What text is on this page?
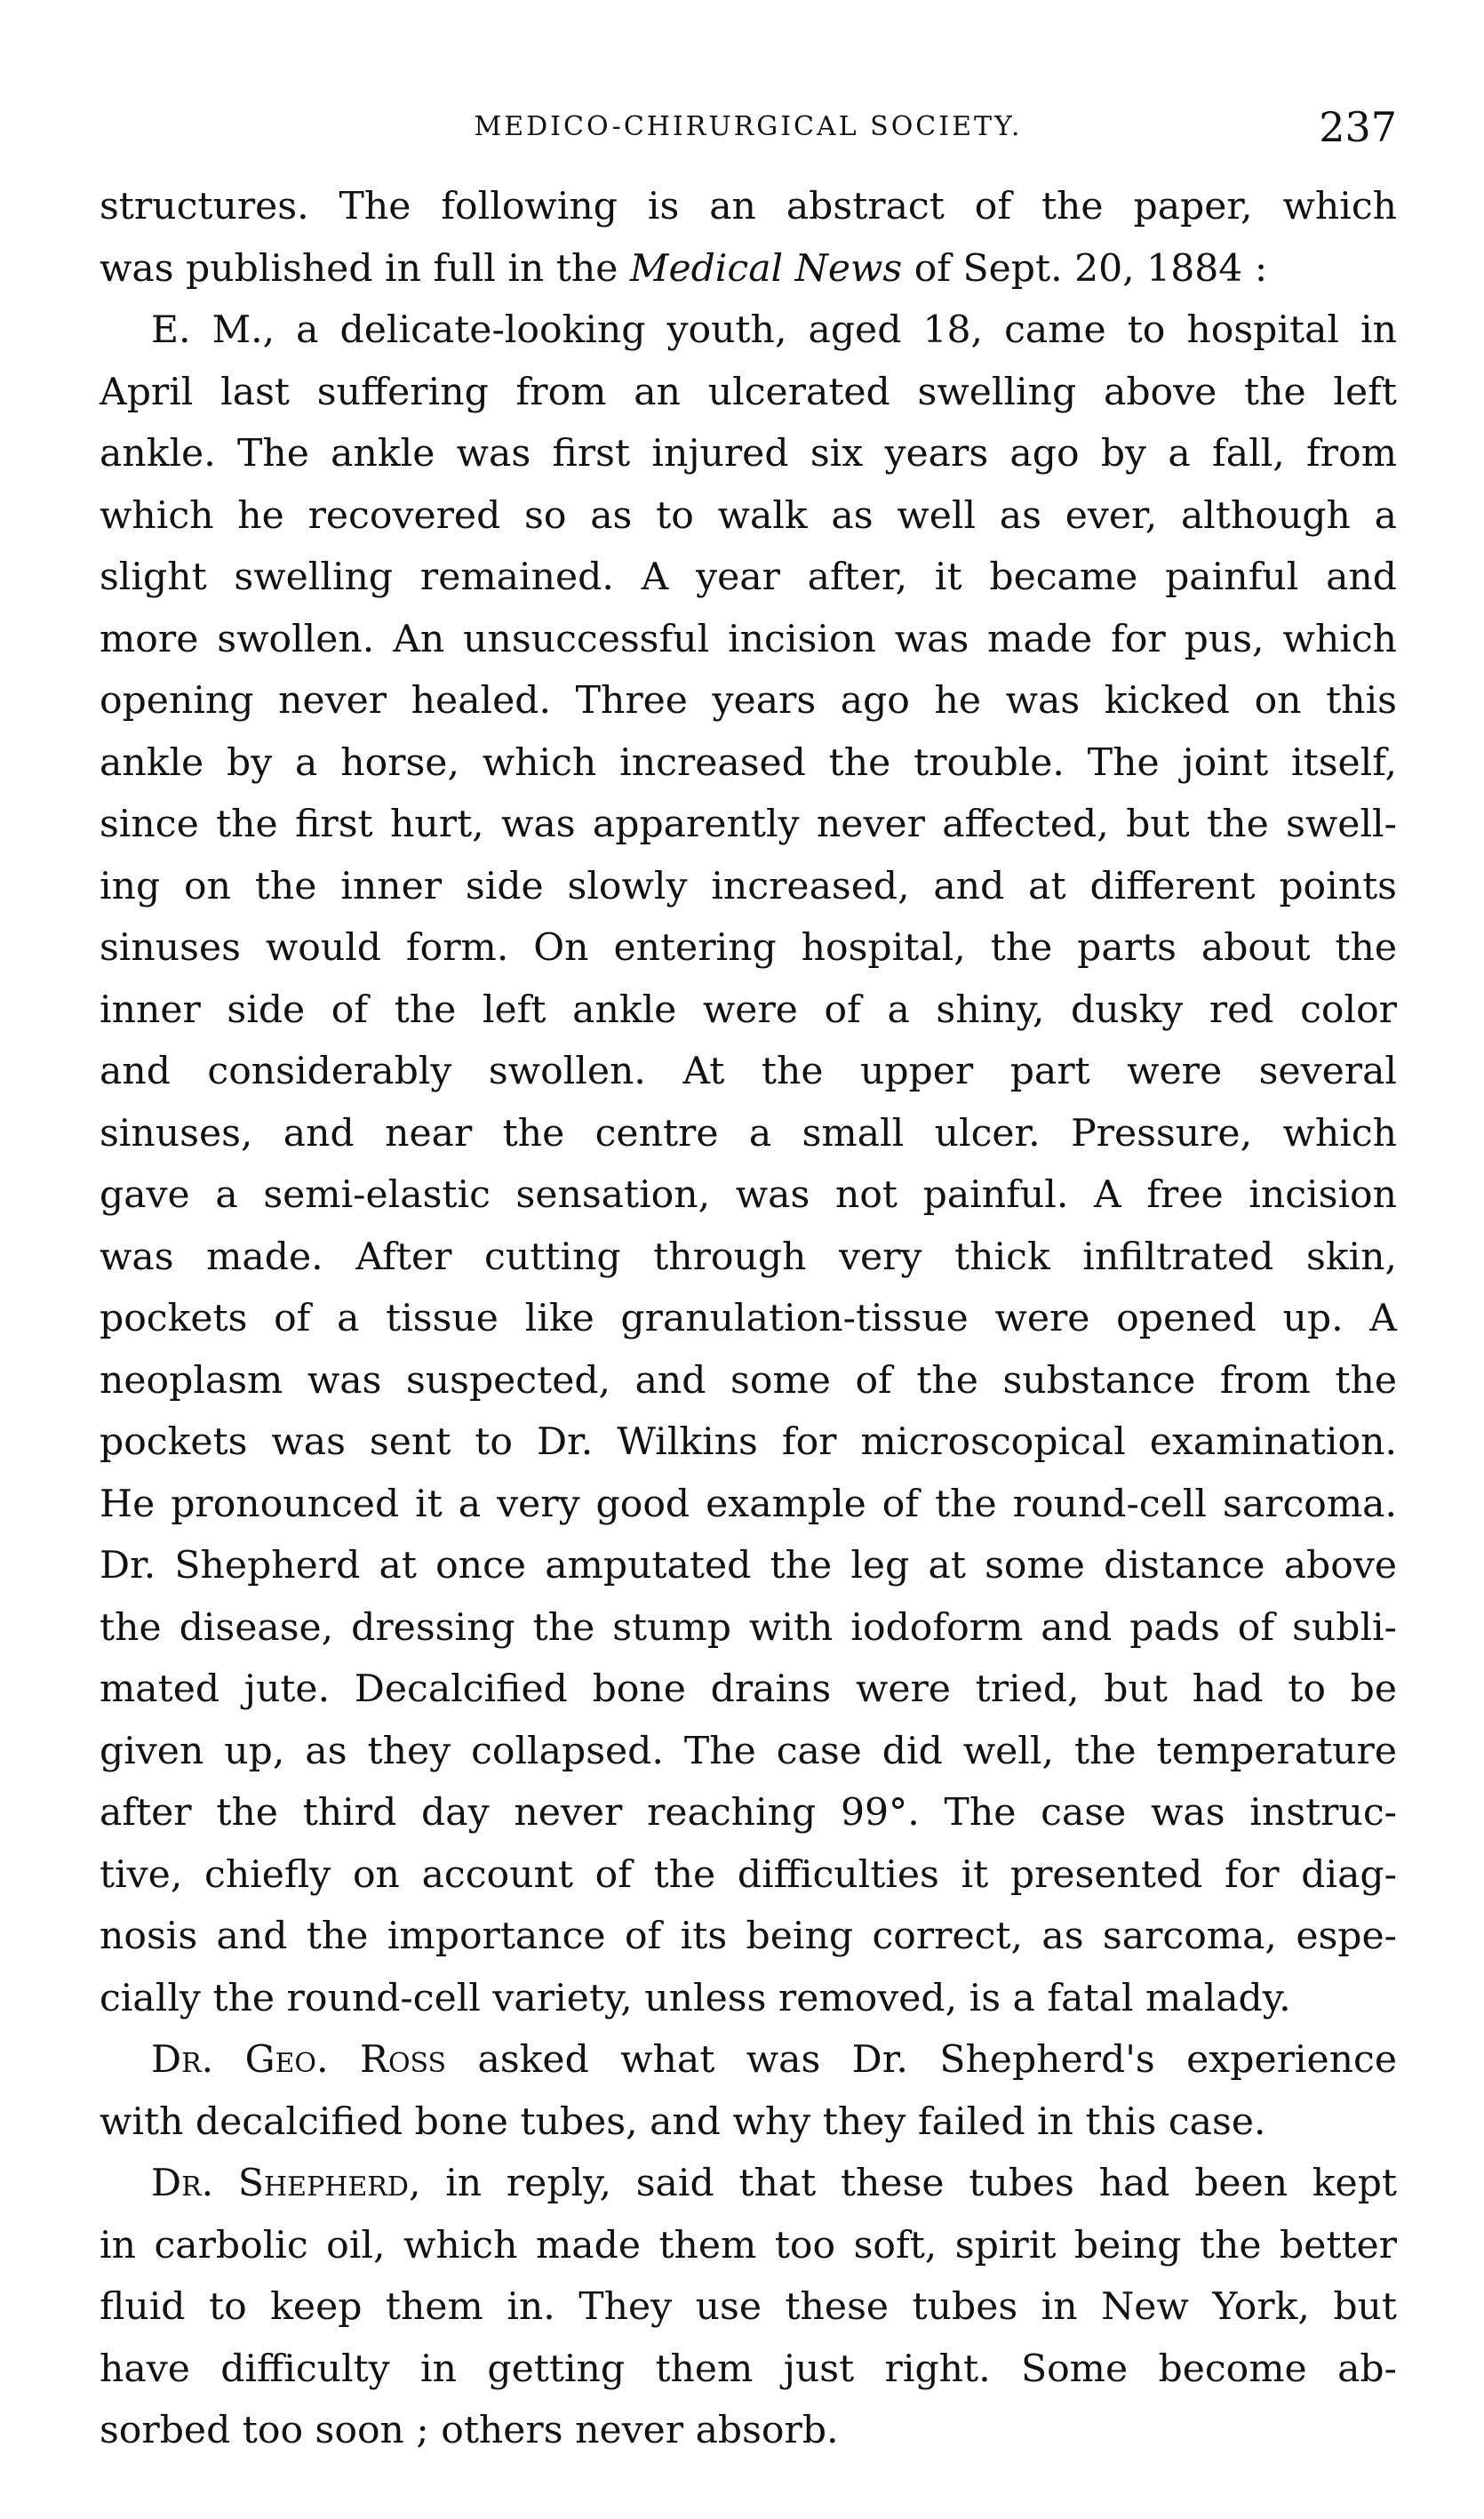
MEDICO-CHIRURGICAL SOCIETY.	237
structures. The following is an abstract of the paper, which
was published in full in the Medical News of Sept. 20, 1884 :
E. M., a delicate-looking youth, aged 18, came to hospital in
April last suffering from an ulcerated swelling above the left
ankle. The ankle was first injured six years ago by a fall, from
which he recovered so as to walk as well as ever, although a
slight swelling remained. A year after, it became painful and
more swollen. An unsuccessful incision was made for pus, which
opening never healed. Three years ago he was kicked on this
ankle by a horse, which increased the trouble. The joint itself,
since the first hurt, was apparently never affected, but the swell-
ing on the inner side slowly increased, and at different points
sinuses would form. On entering hospital, the parts about the
inner side of the left ankle were of a shiny, dusky red color
and considerably swollen. At the upper part were several
sinuses, and near the centre a small ulcer. Pressure, which
gave a semi-elastic sensation, was not painful. A free incision
was made. After cutting through very thick infiltrated skin,
pockets of a tissue like granulation-tissue were opened up. A
neoplasm was suspected, and some of the substance from the
pockets was sent to Dr. Wilkins for microscopical examination.
He pronounced it a very good example of the round-cell sarcoma.
Dr. Shepherd at once amputated the leg at some distance above
the disease, dressing the stump with iodoform and pads of subli-
mated jute. Decalcified bone drains were tried, but had to be
given up, as they collapsed. The case did well, the temperature
after the third day never reaching 99°. The case was instruc-
tive, chiefly on account of the difficulties it presented for diag-
nosis and the importance of its being correct, as sarcoma, espe-
cially the round-cell variety, unless removed, is a fatal malady.
Dr. Geo. Ross asked what was Dr. Shepherd's experience
with decalcified bone tubes, and why they failed in this case.
Dr. Shepherd, in reply, said that these tubes had been kept
in carbolic oil, which made them too soft, spirit being the better
fluid to keep them in. They use these tubes in New York, but
have difficulty in getting them just right. Some become ab-
sorbed too soon ; others never absorb.
